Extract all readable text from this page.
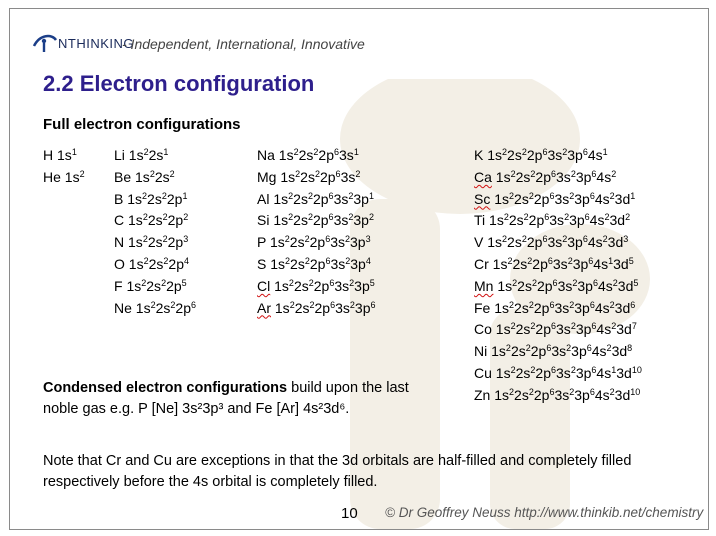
NTHINKING
- Independent, International, Innovative
2.2 Electron configuration
Full electron configurations
H $1s^1$
He $1s^2$
Li $1s^22s^1$
Be $1s^22s^2$
B $1s^22s^22p^1$
C $1s^22s^22p^2$
N $1s^22s^22p^3$
O $1s^22s^22p^4$
F $1s^22s^22p^5$
Ne $1s^22s^22p^6$
Na $1s^22s^22p^63s^1$
Mg $1s^22s^22p^63s^2$
Al $1s^22s^22p^63s^23p^1$
Si $1s^22s^22p^63s^23p^2$
P $1s^22s^22p^63s^23p^3$
S $1s^22s^22p^63s^23p^4$
Cl $1s^22s^22p^63s^23p^5$
Ar $1s^22s^22p^63s^23p^6$
K $1s^22s^22p^63s^23p^64s^1$
Ca $1s^22s^22p^63s^23p^64s^2$
Sc $1s^22s^22p^63s^23p^64s^23d^1$
Ti $1s^22s^22p^63s^23p^64s^23d^2$
V $1s^22s^22p^63s^23p^64s^23d^3$
Cr $1s^22s^22p^63s^23p^64s^13d^5$
Mn $1s^22s^22p^63s^23p^64s^23d^5$
Fe $1s^22s^22p^63s^23p^64s^23d^6$
Co $1s^22s^22p^63s^23p^64s^23d^7$
Ni $1s^22s^22p^63s^23p^64s^23d^8$
Cu $1s^22s^22p^63s^23p^64s^13d^{10}$
Zn $1s^22s^22p^63s^23p^64s^23d^{10}$
Condensed electron configurations build upon the last noble gas e.g. P [Ne] 3s²3p³ and Fe [Ar] 4s²3d⁶.
Note that Cr and Cu are exceptions in that the 3d orbitals are half-filled and completely filled respectively before the 4s orbital is completely filled.
10 © Dr Geoffrey Neuss http://www.thinkib.net/chemistry
